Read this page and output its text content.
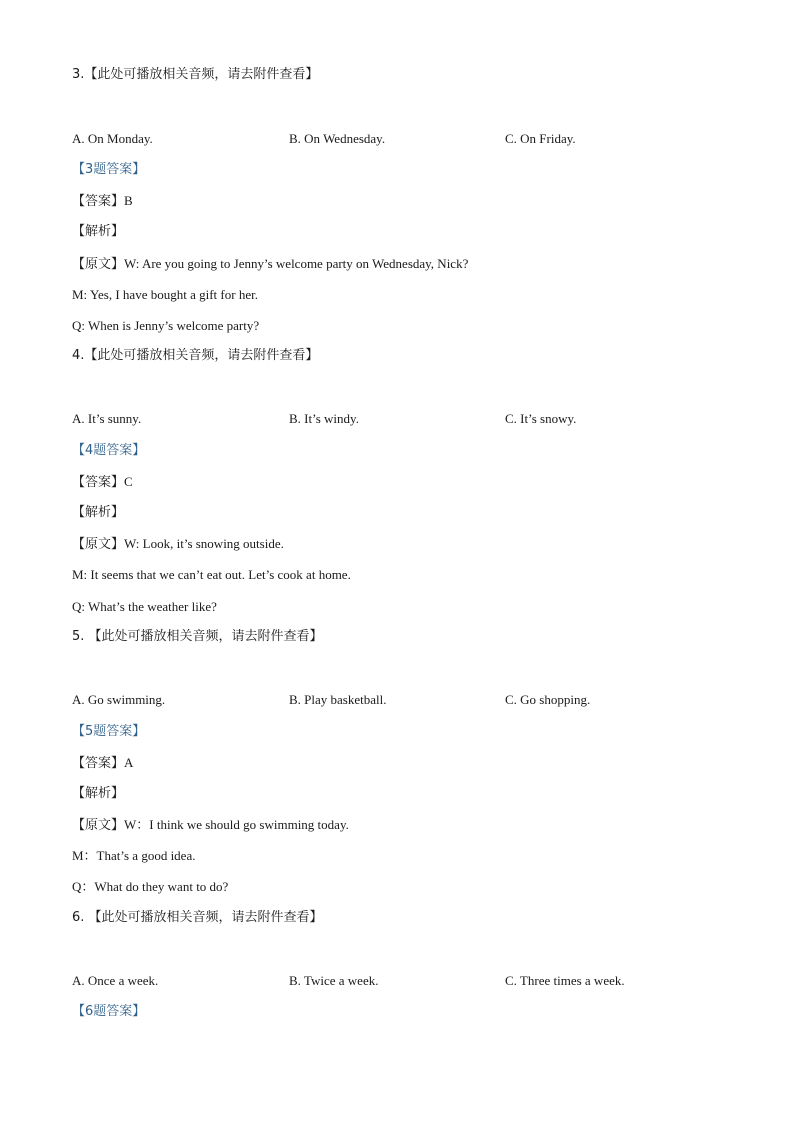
3.【此处可播放相关音频，请去附件查看】
A. On Monday.	B. On Wednesday.	C. On Friday.
【3题答案】
【答案】B
【解析】
【原文】W: Are you going to Jenny’s welcome party on Wednesday, Nick?
M: Yes, I have bought a gift for her.
Q: When is Jenny’s welcome party?
4.【此处可播放相关音频，请去附件查看】
A. It’s sunny.	B. It’s windy.	C. It’s snowy.
【4题答案】
【答案】C
【解析】
【原文】W: Look, it’s snowing outside.
M: It seems that we can’t eat out. Let’s cook at home.
Q: What’s the weather like?
5. 【此处可播放相关音频，请去附件查看】
A. Go swimming.	B. Play basketball.	C. Go shopping.
【5题答案】
【答案】A
【解析】
【原文】W：I think we should go swimming today.
M：That’s a good idea.
Q：What do they want to do?
6. 【此处可播放相关音频，请去附件查看】
A. Once a week.	B. Twice a week.	C. Three times a week.
【6题答案】
